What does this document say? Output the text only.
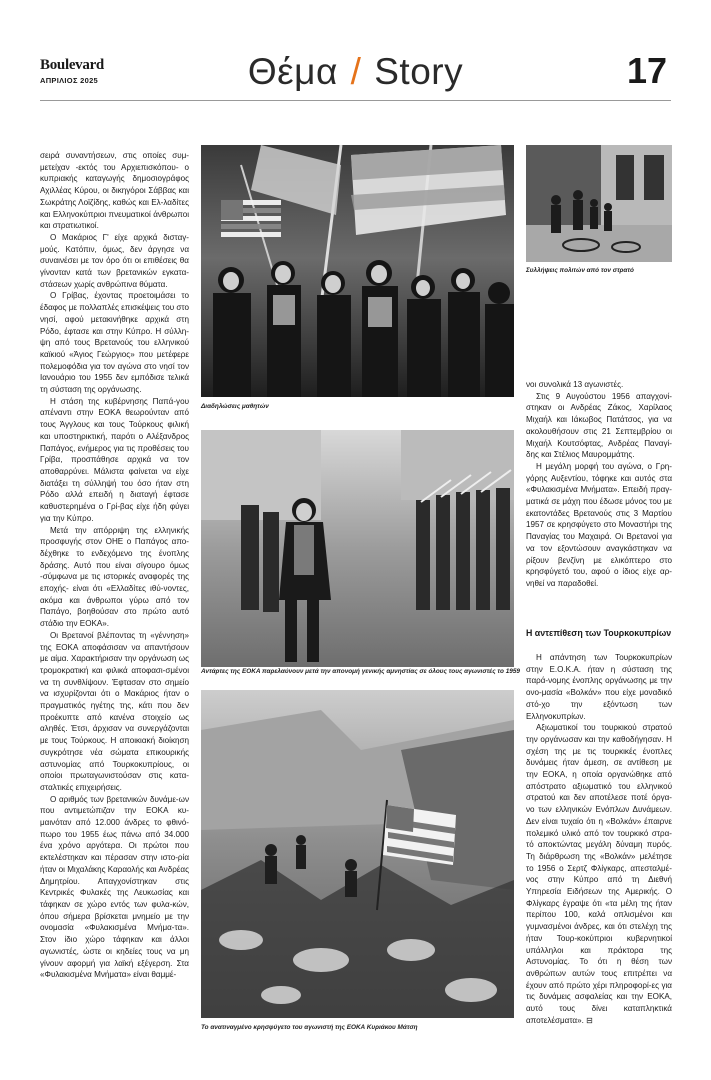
Boulevard
ΑΠΡΙΛΙΟΣ 2025	Θέμα / Story	17

σειρά συναντήσεων, στις οποίες συμ-μετείχαν -εκτός του Αρχιεπισκόπου- ο κυπριακής καταγωγής δημοσιογράφος Αχιλλέας Κύρου, οι δικηγόροι Σάββας και Σωκράτης Λοϊζίδης, καθώς και Ελ-λαδίτες και Ελληνοκύπριοι πνευματικοί άνθρωποι και στρατιωτικοί.

Ο Μακάριος Γ' είχε αρχικά δισταγ-μούς. Κατόπιν, όμως, δεν άργησε να συναινέσει με τον όρο ότι οι επιθέσεις θα γίνονταν κατά των βρετανικών εγκατα-στάσεων χωρίς ανθρώπινα θύματα.

Ο Γρίβας, έχοντας προετοιμάσει το έδαφος με πολλαπλές επισκέψεις του στο νησί, αφού μετακινήθηκε αρχικά στη Ρόδο, έφτασε και στην Κύπρο. Η σύλλη-ψη από τους Βρετανούς του ελληνικού καϊκιού «Άγιος Γεώργιος» που μετέφερε πολεμοφόδια για τον αγώνα στο νησί τον Ιανουάριο του 1955 δεν εμπόδισε τελικά τη σύσταση της οργάνωσης.

Η στάση της κυβέρνησης Παπά-γου απέναντι στην ΕΟΚΑ θεωρούνταν από τους Άγγλους και τους Τούρκους φιλική και υποστηρικτική, παρότι ο Αλέξανδρος Παπάγος, ενήμερος για τις προθέσεις του Γρίβα, προσπάθησε αρχικά να τον αποθαρρύνει. Μάλιστα φαίνεται να είχε διατάξει τη σύλληψή του όσο ήταν στη Ρόδο αλλά επειδή η διαταγή έφτασε καθυστερημένα ο Γρί-βας είχε ήδη φύγει για την Κύπρο.

Μετά την απόρριψη της ελληνικής προσφυγής στον ΟΗΕ ο Παπάγος απο-δέχθηκε το ενδεχόμενο της ένοπλης δράσης. Αυτό που είναι σίγουρο όμως -σύμφωνα με τις ιστορικές αναφορές της εποχής- είναι ότι «Ελλαδίτες ιθύ-νοντες, ακόμα και άνθρωποι γύρω από τον Παπάγο, βοηθούσαν στο πρώτο αυτό στάδιο την ΕΟΚΑ».

Οι Βρετανοί βλέποντας τη «γέννηση» της ΕΟΚΑ αποφάσισαν να απαντήσουν με αίμα. Χαρακτήρισαν την οργάνωση ως τρομοκρατική και φιλικά αποφασι-σμένοι να τη συνθλίψουν. Έφτασαν στο σημείο να ισχυρίζονται ότι ο Μακάριος ήταν ο πραγματικός ηγέτης της, κάτι που δεν προέκυπτε από κανένα στοιχείο ως αληθές. Έτσι, άρχισαν να συνεργάζονται με τους Τούρκους. Η αποικιακή διοίκηση συγκρότησε νέα σώματα επικουρικής αστυνομίας από Τουρκοκυπρίους, οι οποίοι πρωταγωνιστούσαν στις κατα-σταλτικές επιχειρήσεις.

Ο αριθμός των βρετανικών δυνάμε-ων που αντιμετώπιζαν την ΕΟΚΑ κυ-μαινόταν από 12.000 άνδρες το φθινό-πωρο του 1955 έως πάνω από 34.000 ένα χρόνο αργότερα. Οι πρώτοι που εκτελέστηκαν και πέρασαν στην ιστο-ρία ήταν οι Μιχαλάκης Καραολής και Ανδρέας Δημητρίου. Απαγχονίστηκαν στις Κεντρικές Φυλακές της Λευκωσίας και τάφηκαν σε χώρο εντός των φυλα-κών, όπου σήμερα βρίσκεται μνημείο με την ονομασία «Φυλακισμένα Μνήμα-τα». Στον ίδιο χώρο τάφηκαν και άλλοι αγωνιστές, ώστε οι κηδείες τους να μη γίνουν αφορμή για λαϊκή εξέγερση. Στα «Φυλακισμένα Μνήματα» είναι θαμμέ-

Διαδηλώσεις μαθητών
Συλλήψεις πολιτών από τον στρατό
Αντάρτες της ΕΟΚΑ παρελαύνουν μετά την απονομή γενικής αμνηστίας σε όλους τους αγωνιστές το 1959
Το ανατιναγμένο κρησφύγετο του αγωνιστή της ΕΟΚΑ Κυριάκου Μάτση

νοι συνολικά 13 αγωνιστές.

Στις 9 Αυγούστου 1956 απαγχονί-στηκαν οι Ανδρέας Ζάκος, Χαρίλαος Μιχαήλ και Ιάκωβος Πατάτσος, για να ακολουθήσουν στις 21 Σεπτεμβρίου οι Μιχαήλ Κουτσόφτας, Ανδρέας Παναγί-δης και Στέλιος Μαυρομμάτης.

Η μεγάλη μορφή του αγώνα, ο Γρη-γόρης Αυξεντίου, τόφηκε και αυτός στα «Φυλακισμένα Μνήματα». Επειδή πραγ-ματικά σε μάχη που έδωσε μόνος του με εκατοντάδες Βρετανούς στις 3 Μαρτίου 1957 σε κρησφύγετο στο Μοναστήρι της Παναγίας του Μαχαιρά. Οι Βρετανοί για να τον εξοντώσουν αναγκάστηκαν να ρίξουν βενζίνη με ελικόπτερο στο κρησφύγετό του, αφού ο ίδιος είχε αρ-νηθεί να παραδοθεί.

Η αντεπίθεση των Τουρκοκυπρίων

Η απάντηση των Τουρκοκυπρίων στην Ε.Ο.Κ.Α. ήταν η σύσταση της παρά-νομης ένοπλης οργάνωσης με την ονο-μασία «Βολκάν» που είχε μοναδικό στό-χο την εξόντωση των Ελληνοκυπρίων.

Αξιωματικοί του τουρκικού στρατού την οργάνωσαν και την καθοδήγησαν. Η σχέση της με τις τουρκικές ένοπλες δυνάμεις ήταν άμεση, σε αντίθεση με την ΕΟΚΑ, η οποία οργανώθηκε από απόστρατο αξιωματικό του ελληνικού στρατού και δεν αποτέλεσε ποτέ όργα-νο των ελληνικών Ενόπλων Δυνάμεων. Δεν είναι τυχαίο ότι η «Βολκάν» έπαιρνε πολεμικό υλικό από τον τουρκικό στρα-τό αποκτώντας μεγάλη δύναμη πυρός. Τη διάρθρωση της «Βολκάν» μελέτησε το 1956 ο Σερτζ Φλίγκαρς, απεσταλμέ-νος στην Κύπρο από τη Διεθνή Υπηρεσία Ειδήσεων της Αμερικής. Ο Φλίγκαρς έγραψε ότι «τα μέλη της ήταν περίπου 100, καλά οπλισμένοι και γυμνασμένοι άνδρες, και ότι στελέχη της ήταν Τουρ-κοκύπριοι κυβερνητικοί υπάλληλοι και πράκτορα της Αστυνομίας. Το ότι η θέση των ανθρώπων αυτών τους επιτρέπει να έχουν από πρώτο χέρι πληροφορί-ες για τις δυνάμεις ασφαλείας και την ΕΟΚΑ, αυτό τους δίνει καταπληκτικά αποτελέσματα». ⊟
